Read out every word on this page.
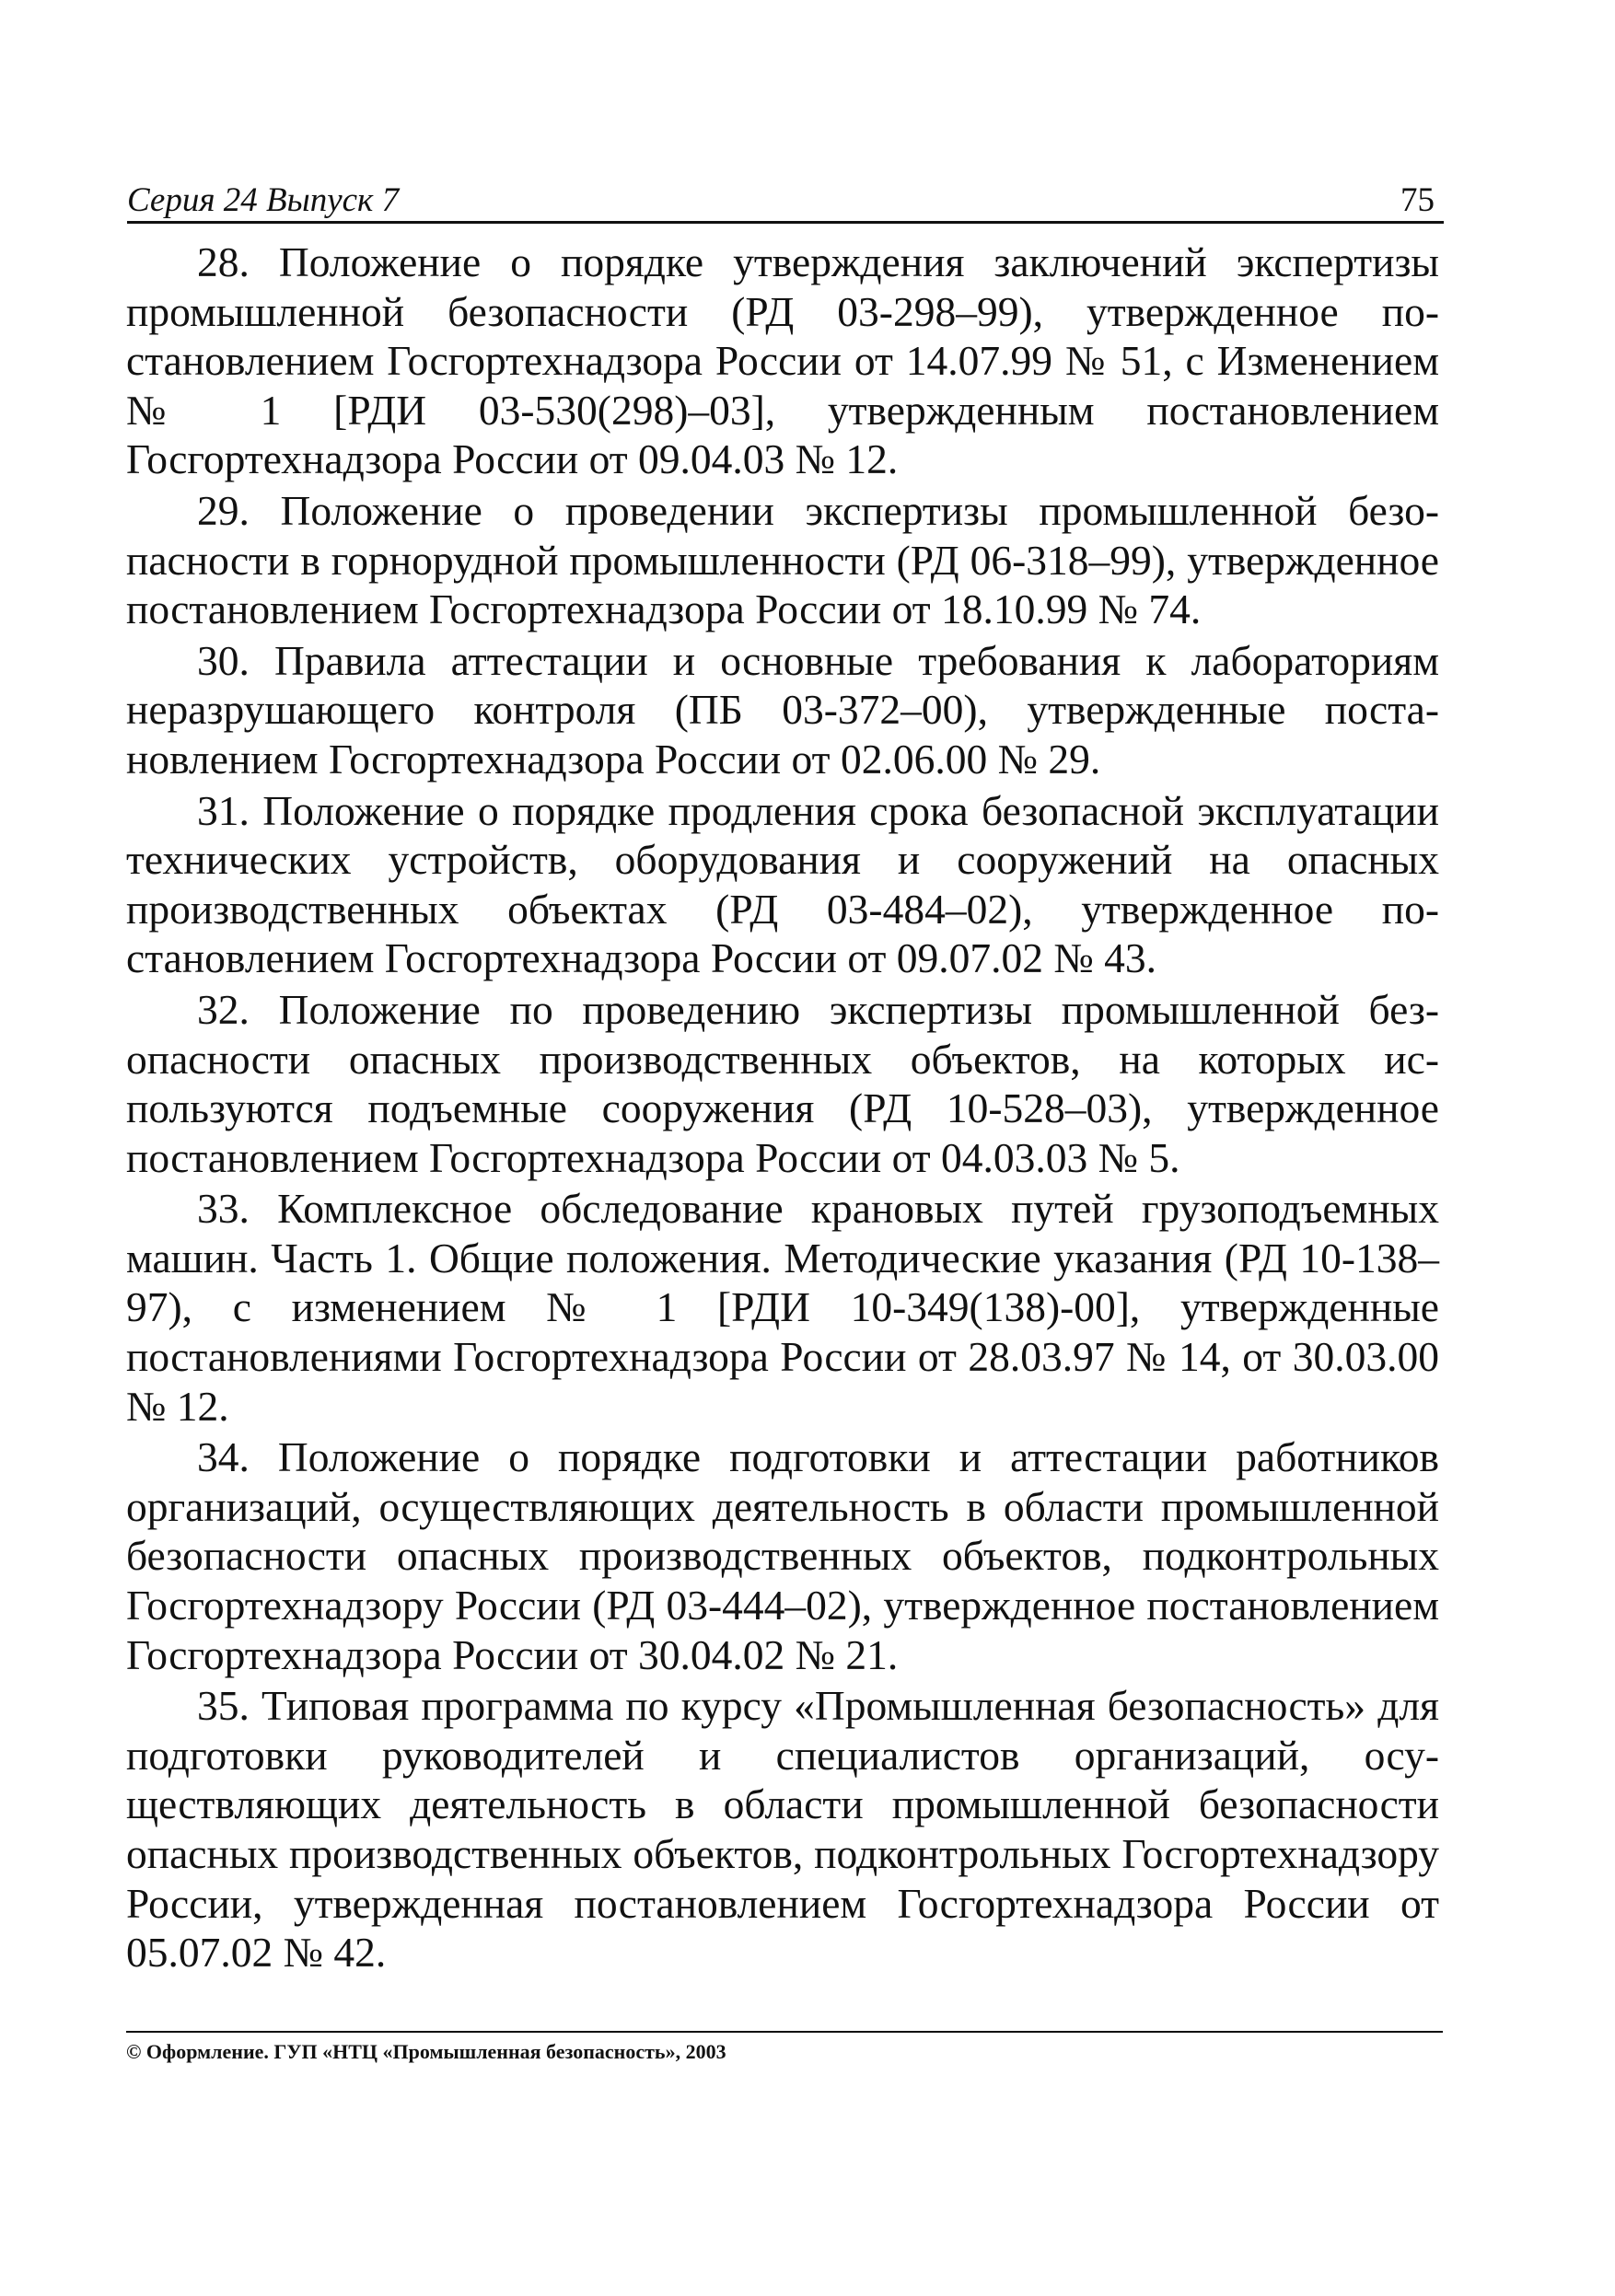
Серия 24 Выпуск 7	75

28. Положение о порядке утверждения заключений экспертизы промышленной безопасности (РД 03-298–99), утвержденное постановлением Госгортехнадзора России от 14.07.99 № 51, с Изменением № 1 [РДИ 03-530(298)–03], утвержденным постановлением Госгортехнадзора России от 09.04.03 № 12.

29. Положение о проведении экспертизы промышленной безопасности в горнорудной промышленности (РД 06-318–99), утвержденное постановлением Госгортехнадзора России от 18.10.99 № 74.

30. Правила аттестации и основные требования к лабораториям неразрушающего контроля (ПБ 03-372–00), утвержденные постановлением Госгортехнадзора России от 02.06.00 № 29.

31. Положение о порядке продления срока безопасной эксплуатации технических устройств, оборудования и сооружений на опасных производственных объектах (РД 03-484–02), утвержденное постановлением Госгортехнадзора России от 09.07.02 № 43.

32. Положение по проведению экспертизы промышленной безопасности опасных производственных объектов, на которых используются подъемные сооружения (РД 10-528–03), утвержденное постановлением Госгортехнадзора России от 04.03.03 № 5.

33. Комплексное обследование крановых путей грузоподъемных машин. Часть 1. Общие положения. Методические указания (РД 10-138–97), с изменением № 1 [РДИ 10-349(138)-00], утвержденные постановлениями Госгортехнадзора России от 28.03.97 № 14, от 30.03.00 № 12.

34. Положение о порядке подготовки и аттестации работников организаций, осуществляющих деятельность в области промышленной безопасности опасных производственных объектов, подконтрольных Госгортехнадзору России (РД 03-444–02), утвержденное постановлением Госгортехнадзора России от 30.04.02 № 21.

35. Типовая программа по курсу «Промышленная безопасность» для подготовки руководителей и специалистов организаций, осуществляющих деятельность в области промышленной безопасности опасных производственных объектов, подконтрольных Госгортехнадзору России, утвержденная постановлением Госгортехнадзора России от 05.07.02 № 42.

© Оформление. ГУП «НТЦ «Промышленная безопасность», 2003
